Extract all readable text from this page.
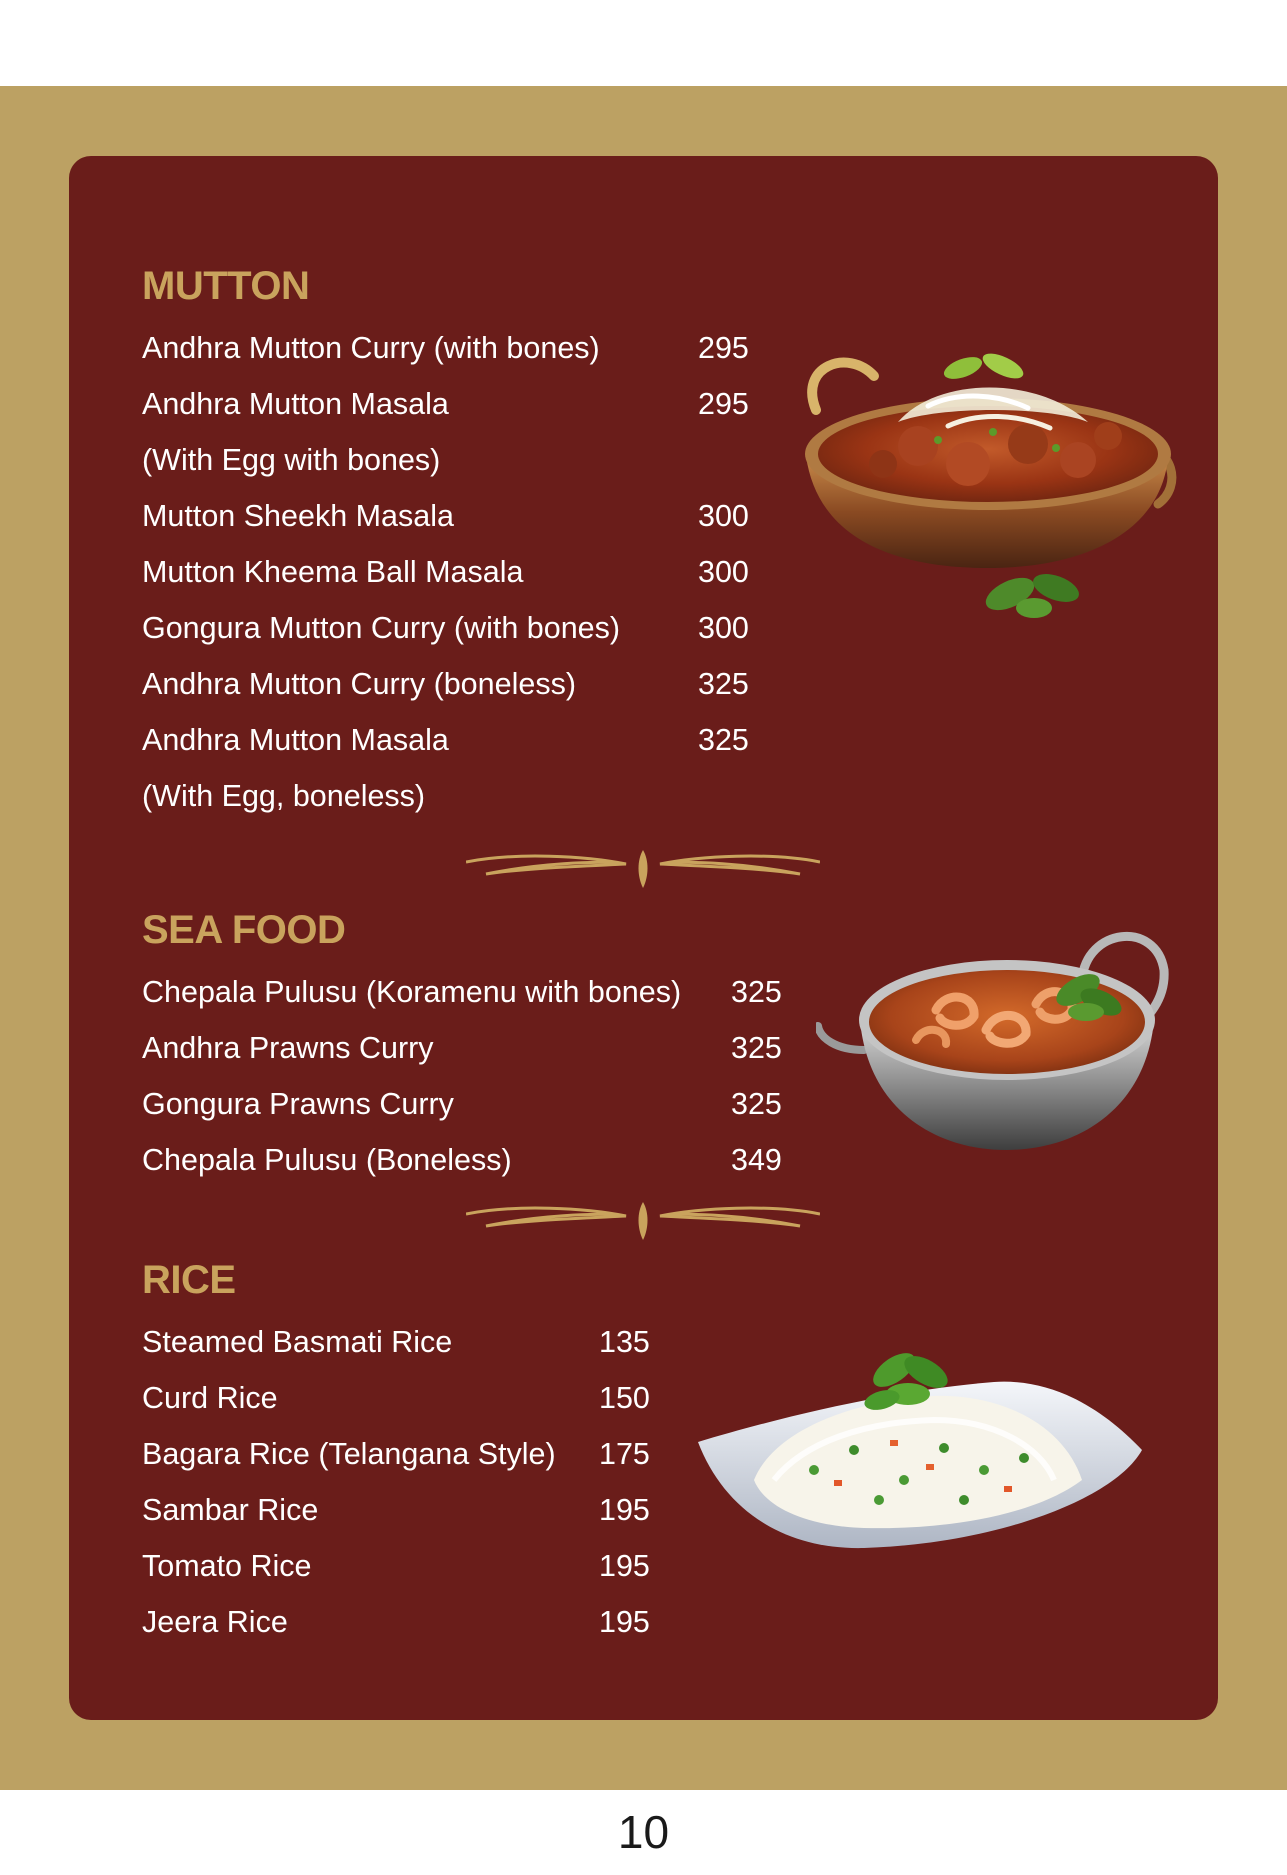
MUTTON
Andhra Mutton Curry (with bones)	295
Andhra Mutton Masala	295
(With Egg with bones)
Mutton Sheekh Masala	300
Mutton Kheema Ball Masala	300
Gongura Mutton Curry (with bones)	300
Andhra Mutton Curry (boneless)	325
Andhra Mutton Masala	325
(With Egg, boneless)
SEA FOOD
Chepala Pulusu (Koramenu with bones) 325
Andhra Prawns Curry	325
Gongura Prawns Curry	325
Chepala Pulusu (Boneless)	349
RICE
Steamed Basmati Rice	135
Curd Rice	150
Bagara Rice (Telangana Style) 175
Sambar Rice	195
Tomato Rice	195
Jeera Rice	195
10
